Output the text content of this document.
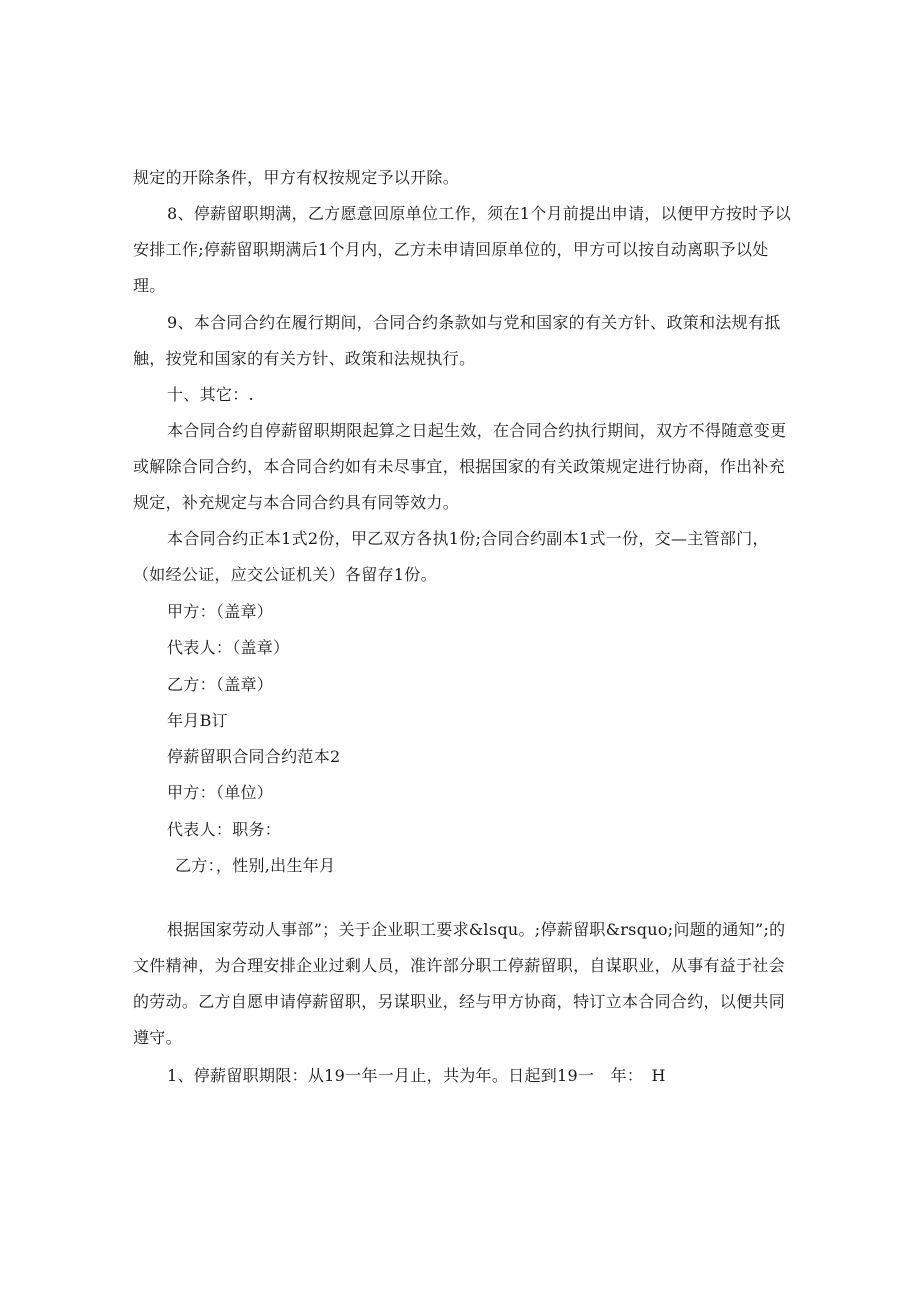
规定的开除条件，甲方有权按规定予以开除。

8、停薪留职期满，乙方愿意回原单位工作，须在1个月前提出申请，以便甲方按时予以安排工作;停薪留职期满后1个月内，乙方未申请回原单位的，甲方可以按自动离职予以处理。

9、本合同合约在履行期间，合同合约条款如与党和国家的有关方针、政策和法规有抵触，按党和国家的有关方针、政策和法规执行。

十、其它：.

本合同合约自停薪留职期限起算之日起生效，在合同合约执行期间，双方不得随意变更或解除合同合约，本合同合约如有未尽事宜，根据国家的有关政策规定进行协商，作出补充规定，补充规定与本合同合约具有同等效力。

本合同合约正本1式2份，甲乙双方各执1份;合同合约副本1式一份，交—主管部门，（如经公证，应交公证机关）各留存1份。

甲方：（盖章）

代表人：（盖章）

乙方：（盖章）

年月B订

停薪留职合同合约范本2

甲方：（单位）

代表人：职务：

乙方：，性别,出生年月

根据国家劳动人事部”；关于企业职工要求&lsqu。;停薪留职&rsquo;问题的通知”;的文件精神，为合理安排企业过剩人员，准许部分职工停薪留职，自谋职业，从事有益于社会的劳动。乙方自愿申请停薪留职，另谋职业，经与甲方协商，特订立本合同合约，以便共同遵守。

1、停薪留职期限：从19一年一月止，共为年。日起到19一　年：　H
